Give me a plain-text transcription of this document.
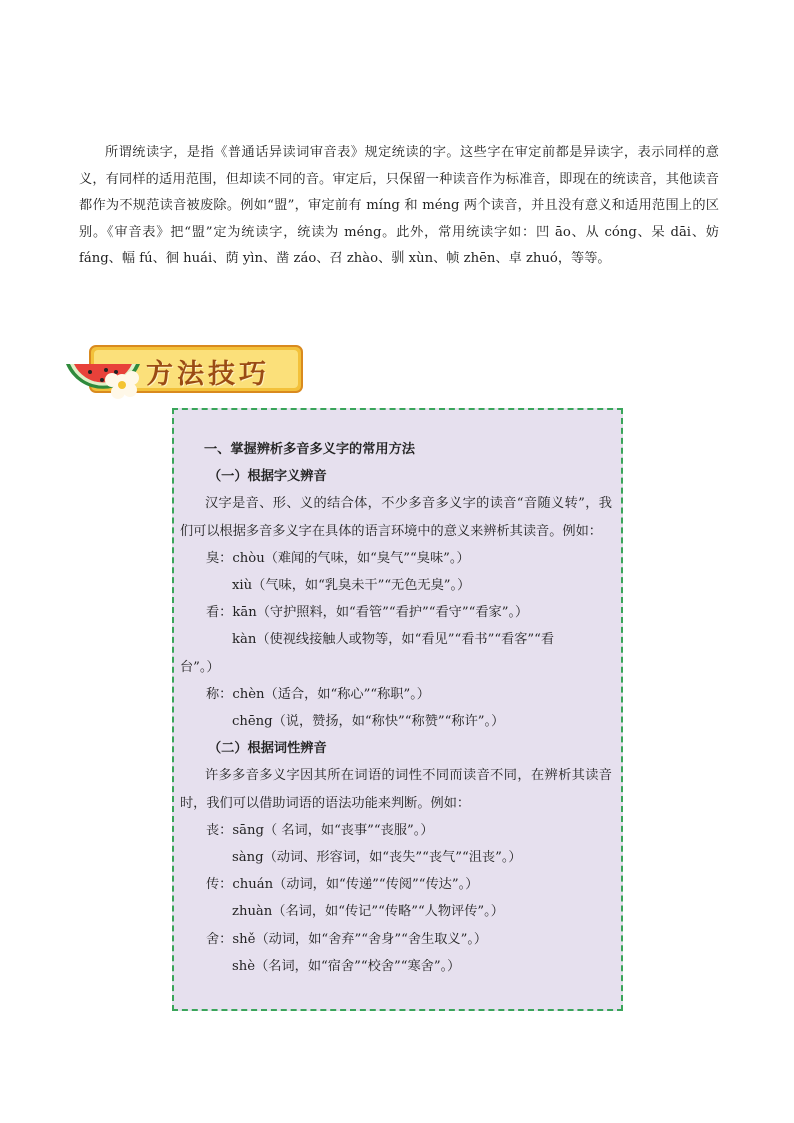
所谓统读字，是指《普通话异读词审音表》规定统读的字。这些字在审定前都是异读字，表示同样的意义，有同样的适用范围，但却读不同的音。审定后，只保留一种读音作为标准音，即现在的统读音，其他读音都作为不规范读音被废除。例如“盟”，审定前有 míng 和 méng 两个读音，并且没有意义和适用范围上的区别。《审音表》把“盟”定为统读字，统读为 méng。此外，常用统读字如：凹 āo、从 cóng、呆 dāi、妨 fáng、幅 fú、徊 huái、荫 yìn、凿 záo、召 zhào、驯 xùn、帧 zhēn、卓 zhuó，等等。

方法技巧

一、掌握辨析多音多义字的常用方法

（一）根据字义辨音

汉字是音、形、义的结合体，不少多音多义字的读音“音随义转”，我们可以根据多音多义字在具体的语言环境中的意义来辨析其读音。例如：

臭：chòu（难闻的气味，如“臭气”“臭味”。）

xiù（气味，如“乳臭未干”“无色无臭”。）

看：kān（守护照料，如“看管”“看护”“看守”“看家”。）

kàn（使视线接触人或物等，如“看见”“看书”“看客”“看

台”。）

称：chèn（适合，如“称心”“称职”。）

chēng（说，赞扬，如“称快”“称赞”“称许”。）

（二）根据词性辨音

许多多音多义字因其所在词语的词性不同而读音不同，在辨析其读音时，我们可以借助词语的语法功能来判断。例如：

丧：sāng（ 名词，如“丧事”“丧服”。）

sàng（动词、形容词，如“丧失”“丧气”“沮丧”。）

传：chuán（动词，如“传递”“传阅”“传达”。）

zhuàn（名词，如“传记”“传略”“人物评传”。）

舍：shě（动词，如“舍弃”“舍身”“舍生取义”。）

shè（名词，如“宿舍”“校舍”“寒舍”。）
